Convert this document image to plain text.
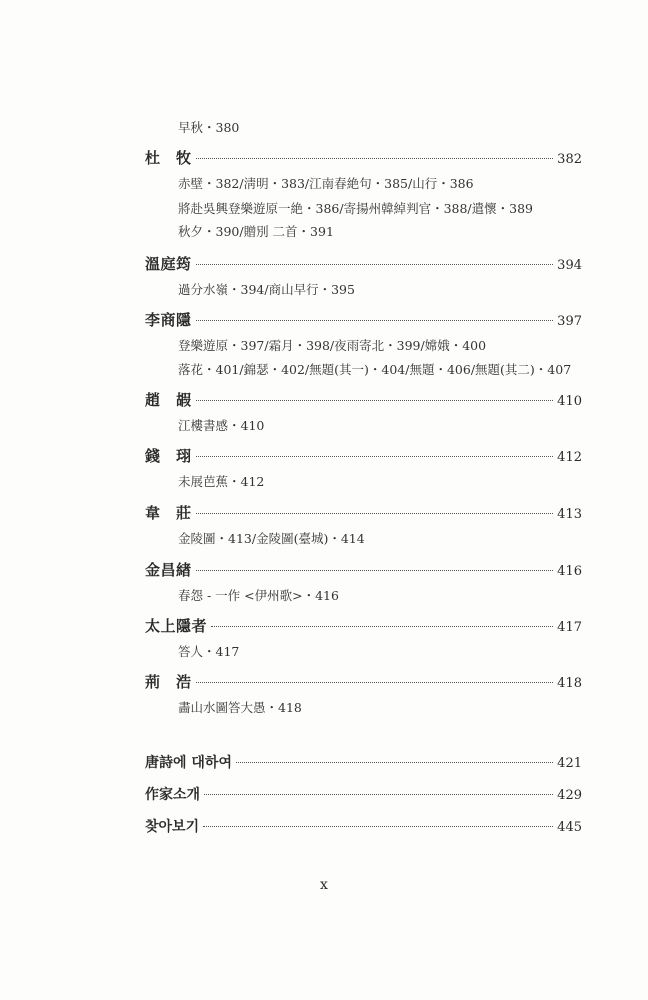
早秋・380
杜　牧	382
赤壁・382/淸明・383/江南春絶句・385/山行・386
將赴吳興登樂遊原一絶・386/寄揚州韓綽判官・388/遣懷・389
秋夕・390/贈別 二首・391
溫庭筠	394
過分水嶺・394/商山早行・395
李商隱	397
登樂遊原・397/霜月・398/夜雨寄北・399/嫦娥・400
落花・401/錦瑟・402/無題(其一)・404/無題・406/無題(其二)・407
趙　嘏	410
江樓書感・410
錢　珝	412
未展芭蕉・412
韋　莊	413
金陵圖・413/金陵圖(臺城)・414
金昌緖	416
春怨 - 一作 <伊州歌>・416
太上隱者	417
答人・417
荊　浩	418
畵山水圖答大愚・418
唐詩에 대하여	421
作家소개	429
찾아보기	445
x
